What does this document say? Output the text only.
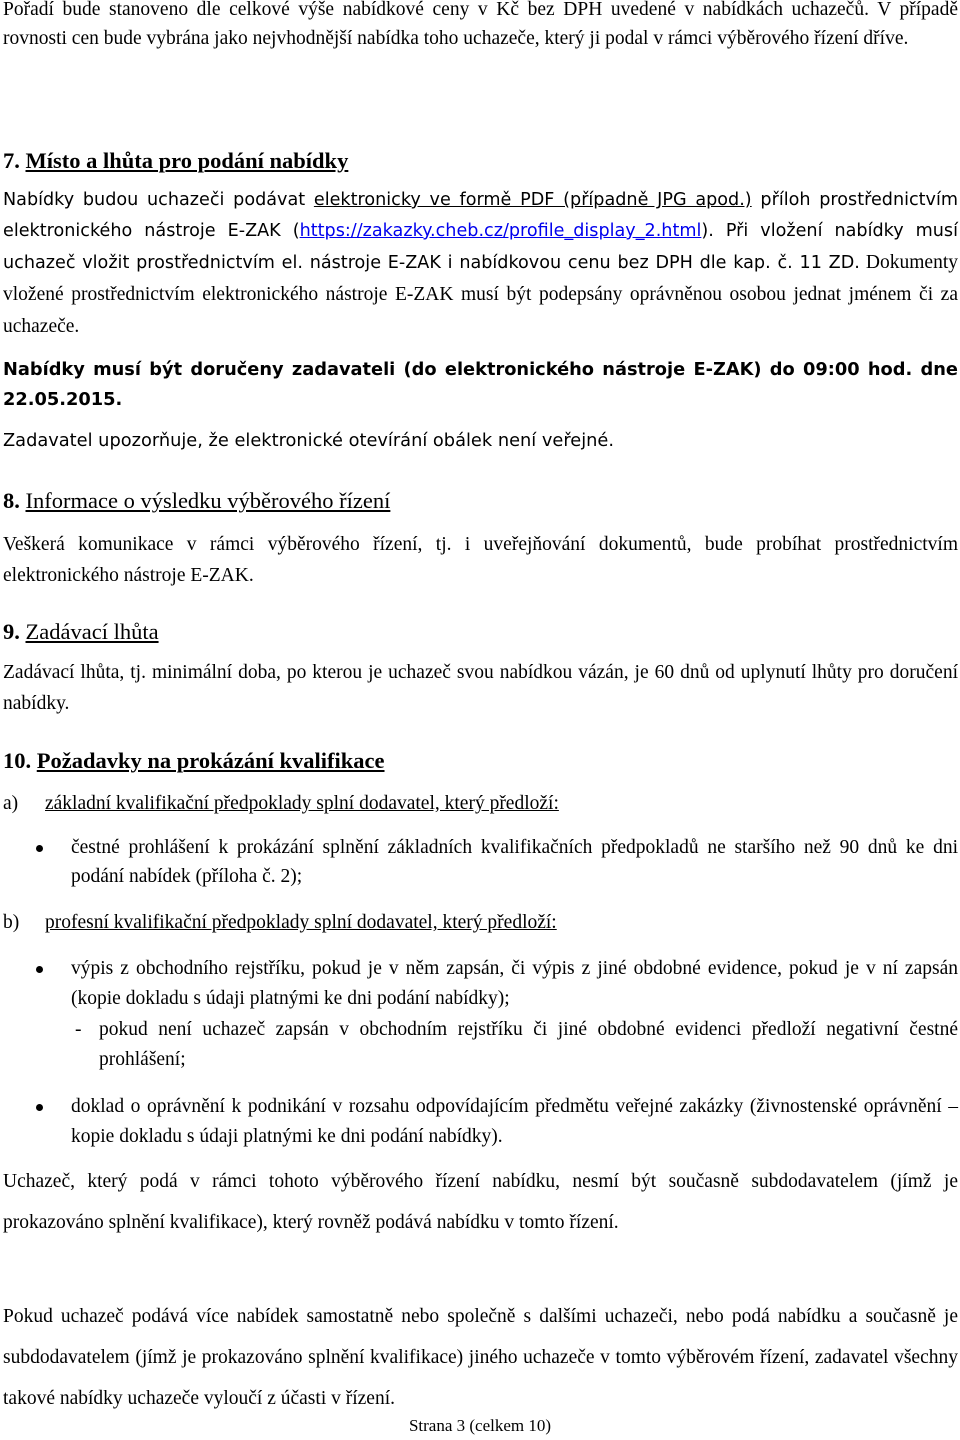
Pořadí bude stanoveno dle celkové výše nabídkové ceny v Kč bez DPH uvedené v nabídkách uchazečů. V případě rovnosti cen bude vybrána jako nejvhodnější nabídka toho uchazeče, který ji podal v rámci výběrového řízení dříve.

7. Místo a lhůta pro podání nabídky

Nabídky budou uchazeči podávat elektronicky ve formě PDF (případně JPG apod.) příloh prostřednictvím elektronického nástroje E-ZAK (https://zakazky.cheb.cz/profile_display_2.html). Při vložení nabídky musí uchazeč vložit prostřednictvím el. nástroje E-ZAK i nabídkovou cenu bez DPH dle kap. č. 11 ZD. Dokumenty vložené prostřednictvím elektronického nástroje E-ZAK musí být podepsány oprávněnou osobou jednat jménem či za uchazeče.

Nabídky musí být doručeny zadavateli (do elektronického nástroje E-ZAK) do 09:00 hod. dne 22.05.2015.

Zadavatel upozorňuje, že elektronické otevírání obálek není veřejné.

8. Informace o výsledku výběrového řízení

Veškerá komunikace v rámci výběrového řízení, tj. i uveřejňování dokumentů, bude probíhat prostřednictvím elektronického nástroje E-ZAK.

9. Zadávací lhůta

Zadávací lhůta, tj. minimální doba, po kterou je uchazeč svou nabídkou vázán, je 60 dnů od uplynutí lhůty pro doručení nabídky.

10. Požadavky na prokázání kvalifikace
a) základní kvalifikační předpoklady splní dodavatel, který předloží:
čestné prohlášení k prokázání splnění základních kvalifikačních předpokladů ne staršího než 90 dnů ke dni podání nabídek (příloha č. 2);
b) profesní kvalifikační předpoklady splní dodavatel, který předloží:
výpis z obchodního rejstříku, pokud je v něm zapsán, či výpis z jiné obdobné evidence, pokud je v ní zapsán (kopie dokladu s údaji platnými ke dni podání nabídky);
- pokud není uchazeč zapsán v obchodním rejstříku či jiné obdobné evidenci předloží negativní čestné prohlášení;
doklad o oprávnění k podnikání v rozsahu odpovídajícím předmětu veřejné zakázky (živnostenské oprávnění – kopie dokladu s údaji platnými ke dni podání nabídky).

Uchazeč, který podá v rámci tohoto výběrového řízení nabídku, nesmí být současně subdodavatelem (jímž je prokazováno splnění kvalifikace), který rovněž podává nabídku v tomto řízení.

Pokud uchazeč podává více nabídek samostatně nebo společně s dalšími uchazeči, nebo podá nabídku a současně je subdodavatelem (jímž je prokazováno splnění kvalifikace) jiného uchazeče v tomto výběrovém řízení, zadavatel všechny takové nabídky uchazeče vyloučí z účasti v řízení.

Strana 3 (celkem 10)
